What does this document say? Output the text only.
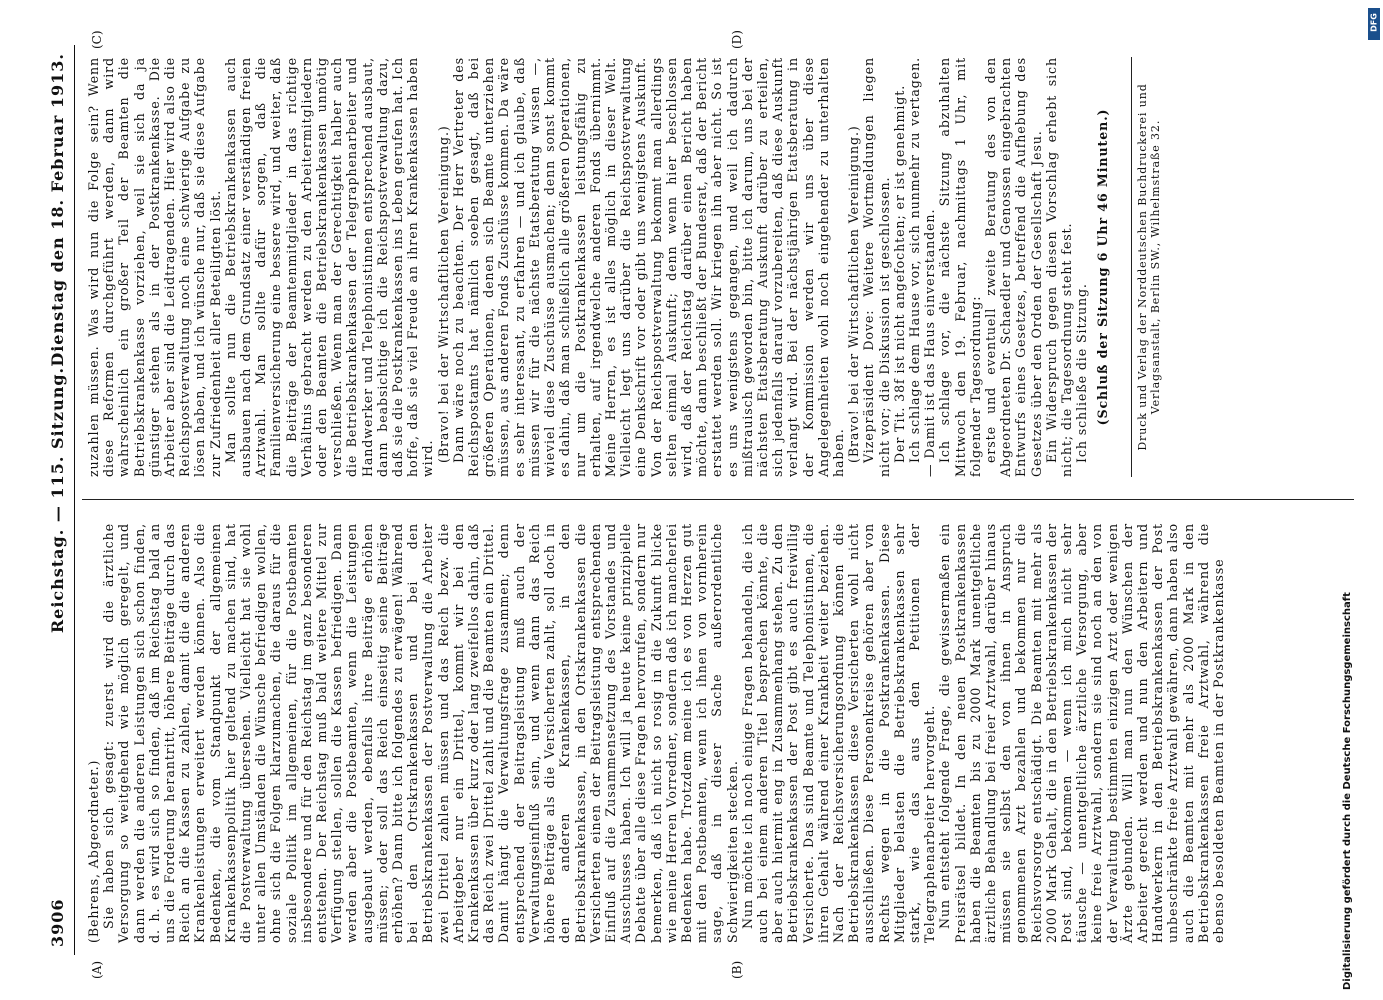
3906
Reichstag. — 115. Sitzung.
Dienstag den 18. Februar 1913.
(A)	(B)
(C)	(D)

(Behrens, Abgeordneter.) Sie haben sich gesagt: zuerst wird die ärztliche Versorgung so weitgehend wie möglich geregelt, und dann werden die anderen Leistungen sich schon finden, d. h. es wird sich so finden, daß im Reichstag bald an uns die Forderung herantritt, höhere Beiträge durch das Reich an die Kassen zu zahlen, damit die die anderen Krankenleistungen erweitert werden können. Also die Bedenken, die vom Standpunkt der allgemeinen Krankenkassenpolitik hier geltend zu machen sind, hat die Postverwaltung übersehen. Vielleicht hat sie wohl unter allen Umständen die Wünsche befriedigen wollen, ohne sich die Folgen klarzumachen, die daraus für die soziale Politik im allgemeinen, für die Postbeamten insbesondere und für den Reichstag im ganz besonderen entstehen. Der Reichstag muß bald weitere Mittel zur Verfügung stellen, sollen die Kassen befriedigen. Dann werden aber die Postbeamten, wenn die Leistungen ausgebaut werden, ebenfalls ihre Beiträge erhöhen müssen; oder soll das Reich einseitig seine Beiträge erhöhen? Dann bitte ich folgendes zu erwägen! Während bei den Ortskrankenkassen und bei den Betriebskrankenkassen der Postverwaltung die Arbeiter zwei Drittel zahlen müssen und das Reich bezw. die Arbeitgeber nur ein Drittel, kommt wir bei den Krankenkassen über kurz oder lang zweifellos dahin, daß das Reich zwei Drittel zahlt und die Beamten ein Drittel. Damit hängt die Verwaltungsfrage zusammen; denn entsprechend der Beitragsleistung muß auch der Verwaltungseinfluß sein, und wenn dann das Reich höhere Beiträge als die Versicherten zahlt, soll doch in den anderen Krankenkassen, in den Betriebskrankenkassen, in den Ortskrankenkassen die Versicherten einen der Beitragsleistung entsprechenden Einfluß auf die Zusammensetzung des Vorstandes und Ausschusses haben. Ich will ja heute keine prinzipielle Debatte über alle diese Fragen hervorrufen, sondern nur bemerken, daß ich nicht so rosig in die Zukunft blicke wie meine Herren Vorredner, sondern daß ich mancherlei Bedenken habe. Trotzdem meine ich es von Herzen gut mit den Postbeamten, wenn ich ihnen von vornherein sage, daß in dieser Sache außerordentliche Schwierigkeiten stecken. Nun möchte ich noch einige Fragen behandeln, die ich auch bei einem anderen Titel besprechen könnte, die aber auch hiermit eng in Zusammenhang stehen. Zu den Betriebskrankenkassen der Post gibt es auch freiwillig Versicherte. Das sind Beamte und Telephonistinnen, die ihren Gehalt während einer Krankheit weiter beziehen. Nach der Reichsversicherungsordnung können die Betriebskrankenkassen diese Versicherten wohl nicht ausschließen. Diese Personenkreise gehören aber von Rechts wegen in die Postkrankenkassen. Diese Mitglieder belasten die Betriebskrankenkassen sehr stark, wie das aus den Petitionen der Telegraphenarbeiter hervorgeht. Nun entsteht folgende Frage, die gewissermaßen ein Preisrätsel bildet. In den neuen Postkrankenkassen haben die Beamten bis zu 2000 Mark unentgeltliche ärztliche Behandlung bei freier Arztwahl, darüber hinaus müssen sie selbst den von ihnen in Anspruch genommenen Arzt bezahlen und bekommen nur die Reichsvorsorge entschädigt. Die Beamten mit mehr als 2000 Mark Gehalt, die in den Betriebskrankenkassen der Post sind, bekommen — wenn ich mich nicht sehr täusche — unentgeltliche ärztliche Versorgung, aber keine freie Arztwahl, sondern sie sind noch an den von der Verwaltung bestimmten einzigen Arzt oder wenigen Ärzte gebunden. Will man nun den Wünschen der Arbeiter gerecht werden und nun den Arbeitern und Handwerkern in den Betriebskrankenkassen der Post unbeschränkte freie Arztwahl gewähren, dann haben also auch die Beamten mit mehr als 2000 Mark in den Betriebskrankenkassen freie Arztwahl, während die ebenso besoldeten Beamten in der Postkrankenkasse

zuzahlen müssen. Was wird nun die Folge sein? Wenn diese Reformen durchgeführt werden, dann wird wahrscheinlich ein großer Teil der Beamten die Betriebskrankenkasse vorziehen, weil sie sich da ja günstiger stehen als in der Postkrankenkasse. Die Arbeiter aber sind die Leidtragenden. Hier wird also die Reichspostverwaltung noch eine schwierige Aufgabe zu lösen haben, und ich wünsche nur, daß sie diese Aufgabe zur Zufriedenheit aller Beteiligten löst. Man sollte nun die Betriebskrankenkassen auch ausbauen nach dem Grundsatz einer verständigen freien Arztwahl. Man sollte dafür sorgen, daß die Familienversicherung eine bessere wird, und weiter, daß die Beiträge der Beamtenmitglieder in das richtige Verhältnis gebracht werden zu den Arbeitermitgliedern oder den Beamten die Betriebskrankenkassen unnötig verschließen. Wenn man der Gerechtigkeit halber auch die Betriebskrankenkassen der Telegraphenarbeiter und Handwerker und Telephonistinnen entsprechend ausbaut, dann beabsichtige ich die Reichspostverwaltung dazu, daß sie die Postkrankenkassen ins Leben gerufen hat. Ich hoffe, daß sie viel Freude an ihren Krankenkassen haben wird. (Bravo! bei der Wirtschaftlichen Vereinigung.) Dann wäre noch zu beachten. Der Herr Vertreter des Reichspostamts hat nämlich soeben gesagt, daß bei größeren Operationen, denen sich Beamte unterziehen müssen, aus anderen Fonds Zuschüsse kommen. Da wäre es sehr interessant, zu erfahren — und ich glaube, daß müssen wir für die nächste Etatsberatung wissen —, wieviel diese Zuschüsse ausmachen; denn sonst kommt es dahin, daß man schließlich alle größeren Operationen, nur um die Postkrankenkassen leistungsfähig zu erhalten, auf irgendwelche anderen Fonds übernimmt. Meine Herren, es ist alles möglich in dieser Welt. Vielleicht legt uns darüber die Reichspostverwaltung eine Denkschrift vor oder gibt uns wenigstens Auskunft. Von der Reichspostverwaltung bekommt man allerdings selten einmal Auskunft; denn wenn hier beschlossen wird, daß der Reichstag darüber einen Bericht haben möchte, dann beschließt der Bundesrat, daß der Bericht erstattet werden soll. Wir kriegen ihn aber nicht. So ist es uns wenigstens gegangen, und weil ich dadurch mißtrauisch geworden bin, bitte ich darum, uns bei der nächsten Etatsberatung Auskunft darüber zu erteilen, sich jedenfalls darauf vorzubereiten, daß diese Auskunft verlangt wird. Bei der nächstjährigen Etatsberatung in der Kommission werden wir uns über diese Angelegenheiten wohl noch eingehender zu unterhalten haben. (Bravo! bei der Wirtschaftlichen Vereinigung.) Vizepräsident Dove: Weitere Wortmeldungen liegen nicht vor; die Diskussion ist geschlossen. Der Tit. 38f ist nicht angefochten; er ist genehmigt. Ich schlage dem Hause vor, sich nunmehr zu vertagen. — Damit ist das Haus einverstanden. Ich schlage vor, die nächste Sitzung abzuhalten Mittwoch den 19. Februar, nachmittags 1 Uhr, mit folgender Tagesordnung: erste und eventuell zweite Beratung des von den Abgeordneten Dr. Schaedler und Genossen eingebrachten Entwurfs eines Gesetzes, betreffend die Aufhebung des Gesetzes über den Orden der Gesellschaft Jesu. Ein Widerspruch gegen diesen Vorschlag erhebt sich nicht; die Tagesordnung steht fest. Ich schließe die Sitzung. (Schluß der Sitzung 6 Uhr 46 Minuten.)	Druck und Verlag der Norddeutschen Buchdruckerei und Verlagsanstalt, Berlin SW., Wilhelmstraße 32.
Digitalisierung gefördert durch die Deutsche Forschungsgemeinschaft
DFG
